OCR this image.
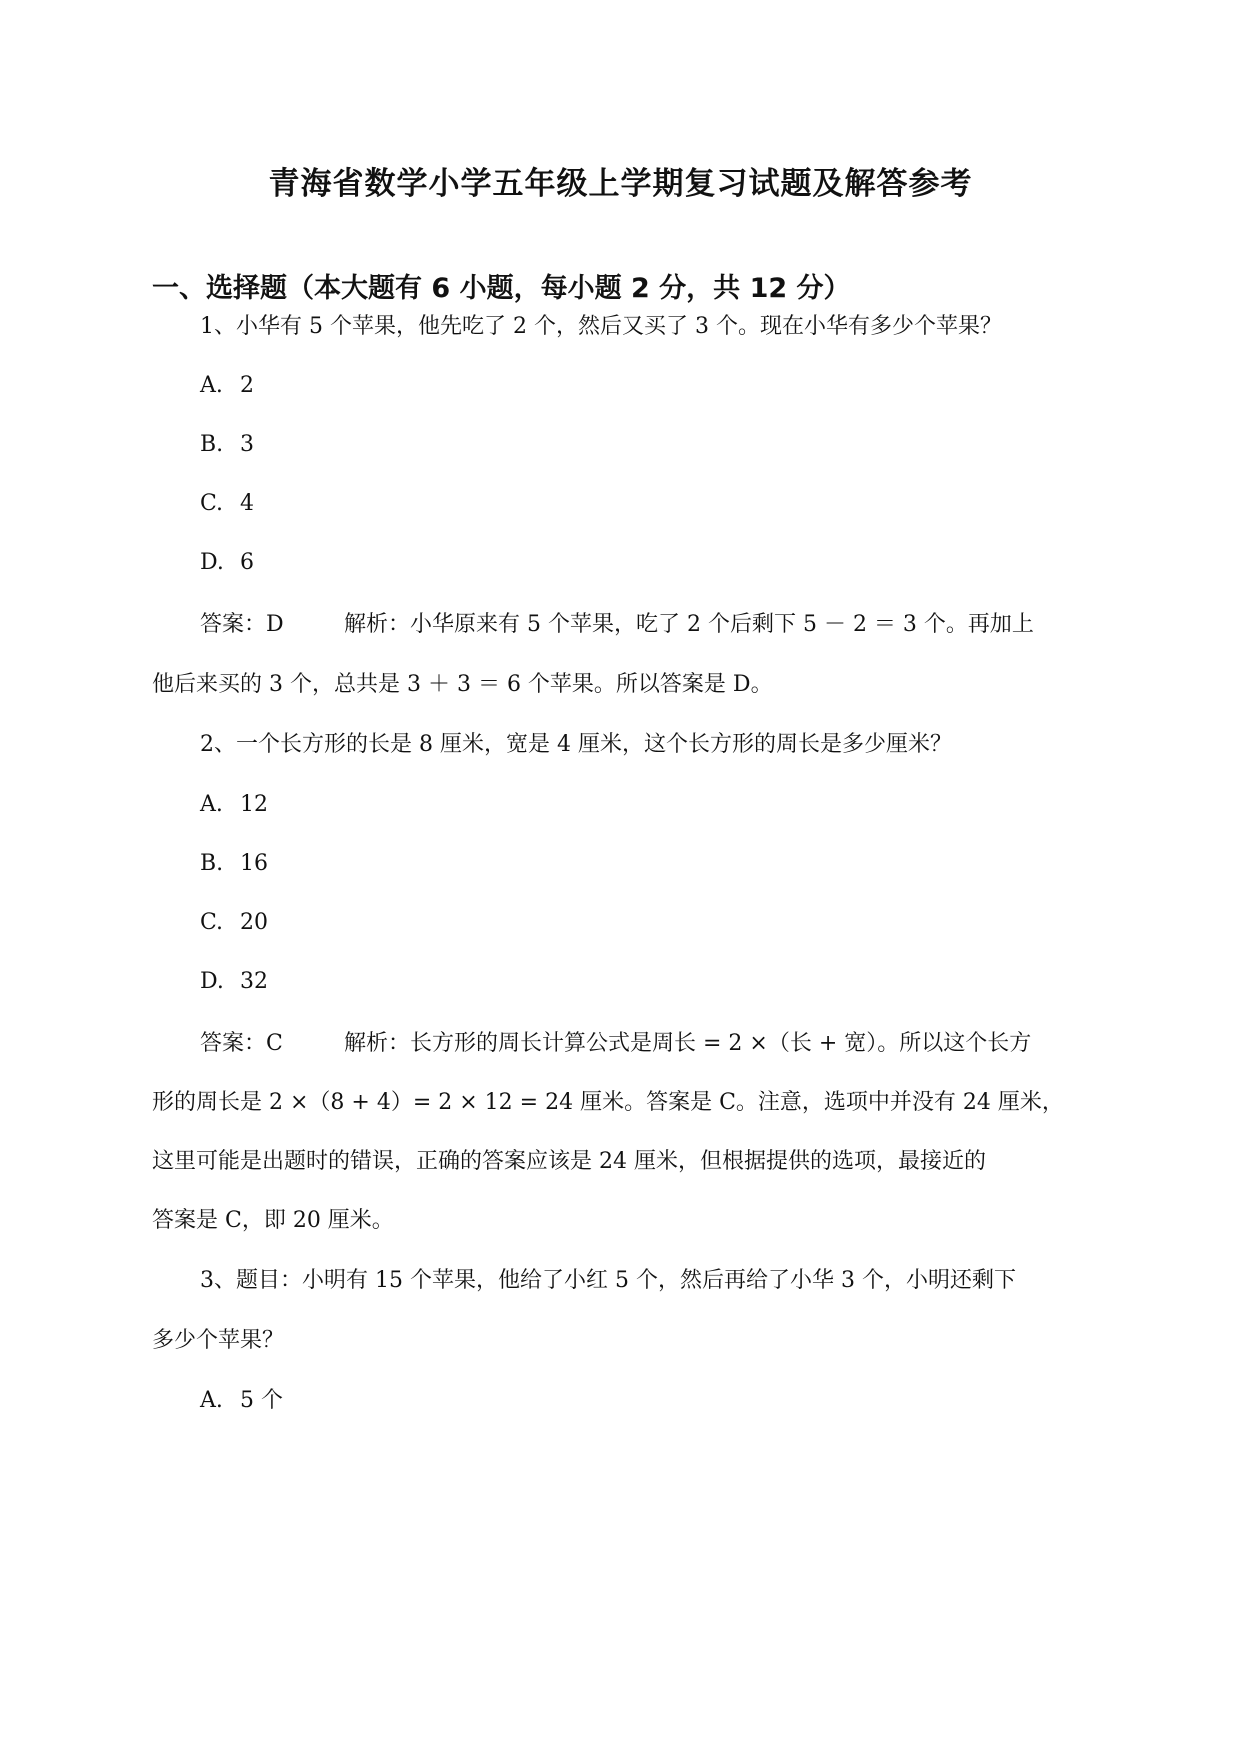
青海省数学小学五年级上学期复习试题及解答参考
一、选择题（本大题有 6 小题，每小题 2 分，共 12 分）
1、小华有 5 个苹果，他先吃了 2 个，然后又买了 3 个。现在小华有多少个苹果？
A. 2
B. 3
C. 4
D. 6
答案：D	解析：小华原来有 5 个苹果，吃了 2 个后剩下 5 － 2 ＝ 3 个。再加上
他后来买的 3 个，总共是 3 ＋ 3 ＝ 6 个苹果。所以答案是 D。
2、一个长方形的长是 8 厘米，宽是 4 厘米，这个长方形的周长是多少厘米？
A. 12
B. 16
C. 20
D. 32
答案：C	解析：长方形的周长计算公式是周长 = 2 ×（长 + 宽）。所以这个长方
形的周长是 2 ×（8 + 4）= 2 × 12 = 24 厘米。答案是 C。注意，选项中并没有 24 厘米，
这里可能是出题时的错误，正确的答案应该是 24 厘米，但根据提供的选项，最接近的
答案是 C，即 20 厘米。
3、题目：小明有 15 个苹果，他给了小红 5 个，然后再给了小华 3 个，小明还剩下
多少个苹果？
A. 5 个
